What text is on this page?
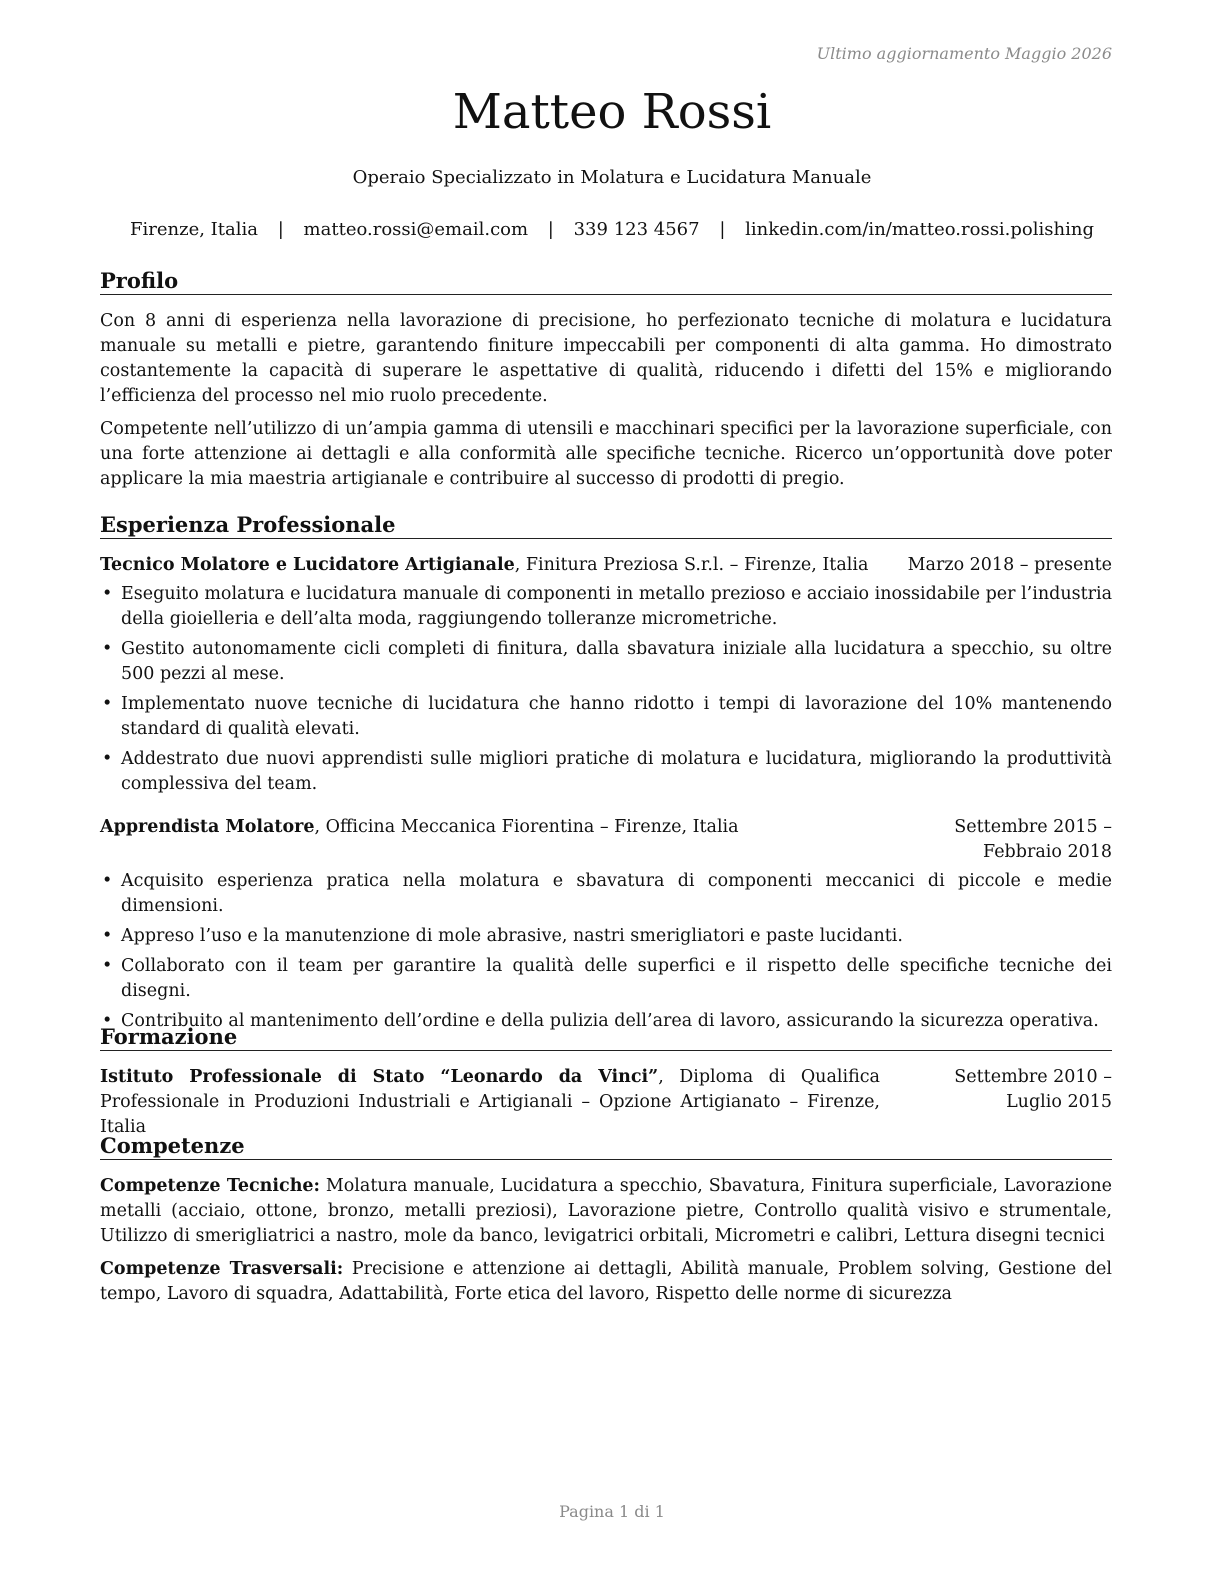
Ultimo aggiornamento Maggio 2026
Matteo Rossi
Operaio Specializzato in Molatura e Lucidatura Manuale
Firenze, Italia | matteo.rossi@email.com | 339 123 4567 | linkedin.com/in/matteo.rossi.polishing
Profilo

Con 8 anni di esperienza nella lavorazione di precisione, ho perfezionato tecniche di molatura e lucidatura manuale su metalli e pietre, garantendo finiture impeccabili per componenti di alta gamma. Ho dimostrato costantemente la capacità di superare le aspettative di qualità, riducendo i difetti del 15% e migliorando l’efficienza del processo nel mio ruolo precedente.

Competente nell’utilizzo di un’ampia gamma di utensili e macchinari specifici per la lavorazione superficiale, con una forte attenzione ai dettagli e alla conformità alle specifiche tecniche. Ricerco un’opportunità dove poter applicare la mia maestria artigianale e contribuire al successo di prodotti di pregio.

Esperienza Professionale
Tecnico Molatore e Lucidatore Artigianale, Finitura Preziosa S.r.l. – Firenze, Italia Marzo 2018 – presente
• Eseguito molatura e lucidatura manuale di componenti in metallo prezioso e acciaio inossidabile per l’industria della gioielleria e dell’alta moda, raggiungendo tolleranze micrometriche.
• Gestito autonomamente cicli completi di finitura, dalla sbavatura iniziale alla lucidatura a specchio, su oltre 500 pezzi al mese.
• Implementato nuove tecniche di lucidatura che hanno ridotto i tempi di lavorazione del 10% mantenendo standard di qualità elevati.
• Addestrato due nuovi apprendisti sulle migliori pratiche di molatura e lucidatura, migliorando la produttività complessiva del team.
Apprendista Molatore, Officina Meccanica Fiorentina – Firenze, Italia	Settembre 2015 – Febbraio 2018
• Acquisito esperienza pratica nella molatura e sbavatura di componenti meccanici di piccole e medie dimensioni.
• Appreso l’uso e la manutenzione di mole abrasive, nastri smerigliatori e paste lucidanti.
• Collaborato con il team per garantire la qualità delle superfici e il rispetto delle specifiche tecniche dei disegni.
• Contribuito al mantenimento dell’ordine e della pulizia dell’area di lavoro, assicurando la sicurezza operativa.
Formazione
Istituto Professionale di Stato “Leonardo da Vinci”, Diploma di Qualifica Professionale in Produzioni Industriali e Artigianali – Opzione Artigianato – Firenze, Italia
Settembre 2010 – Luglio 2015
Competenze

Competenze Tecniche: Molatura manuale, Lucidatura a specchio, Sbavatura, Finitura superficiale, Lavorazione metalli (acciaio, ottone, bronzo, metalli preziosi), Lavorazione pietre, Controllo qualità visivo e strumentale, Utilizzo di smerigliatrici a nastro, mole da banco, levigatrici orbitali, Micrometri e calibri, Lettura disegni tecnici

Competenze Trasversali: Precisione e attenzione ai dettagli, Abilità manuale, Problem solving, Gestione del tempo, Lavoro di squadra, Adattabilità, Forte etica del lavoro, Rispetto delle norme di sicurezza

Pagina 1 di 1
